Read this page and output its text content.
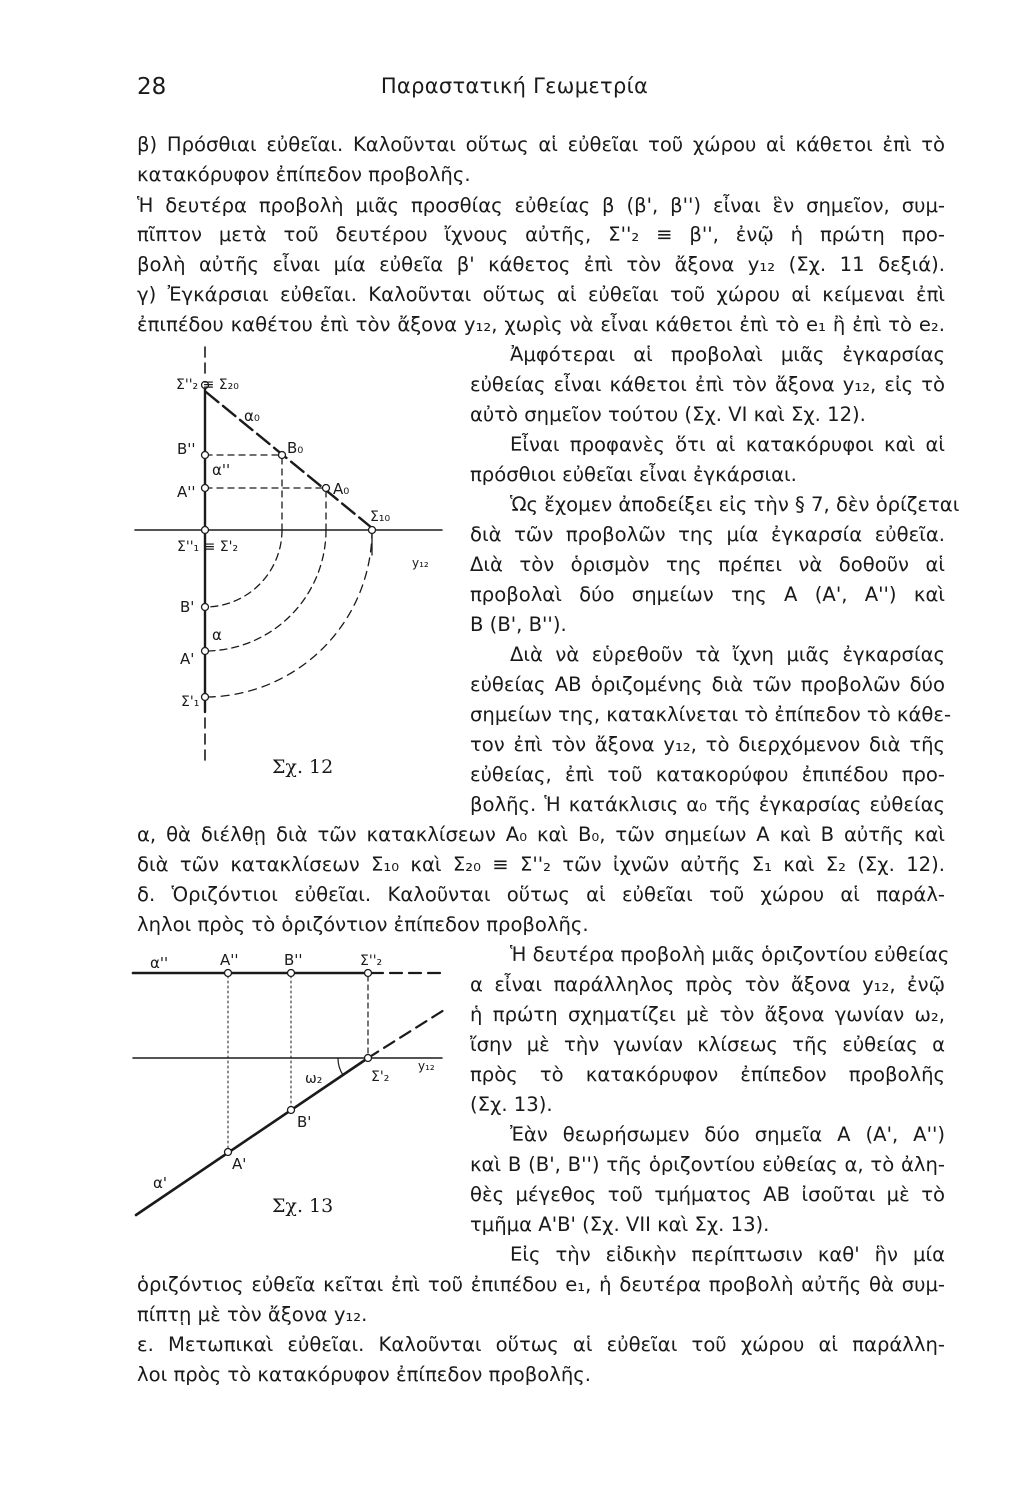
28	Παραστατική Γεωμετρία
β) Πρόσθιαι εὐθεῖαι. Καλοῦνται οὕτως αἱ εὐθεῖαι τοῦ χώρου αἱ κάθετοι ἐπὶ τὸ
κατακόρυφον ἐπίπεδον προβολῆς.
Ἡ δευτέρα προβολὴ μιᾶς προσθίας εὐθείας β (β', β'') εἶναι ἓν σημεῖον, συμ-
πῖπτον μετὰ τοῦ δευτέρου ἴχνους αὐτῆς, Σ''₂ ≡ β'', ἐνῷ ἡ πρώτη προ-
βολὴ αὐτῆς εἶναι μία εὐθεῖα β' κάθετος ἐπὶ τὸν ἄξονα y₁₂ (Σχ. 11 δεξιά).
γ) Ἐγκάρσιαι εὐθεῖαι. Καλοῦνται οὕτως αἱ εὐθεῖαι τοῦ χώρου αἱ κείμεναι ἐπὶ
ἐπιπέδου καθέτου ἐπὶ τὸν ἄξονα y₁₂, χωρὶς νὰ εἶναι κάθετοι ἐπὶ τὸ e₁ ἢ ἐπὶ τὸ e₂.
Ἀμφότεραι αἱ προβολαὶ μιᾶς ἐγκαρσίας
εὐθείας εἶναι κάθετοι ἐπὶ τὸν ἄξονα y₁₂, εἰς τὸ
αὐτὸ σημεῖον τούτου (Σχ. VI καὶ Σχ. 12).
Εἶναι προφανὲς ὅτι αἱ κατακόρυφοι καὶ αἱ
πρόσθιοι εὐθεῖαι εἶναι ἐγκάρσιαι.
Ὡς ἔχομεν ἀποδείξει εἰς τὴν § 7, δὲν ὁρίζεται
διὰ τῶν προβολῶν της μία ἐγκαρσία εὐθεῖα.
Διὰ τὸν ὁρισμὸν της πρέπει νὰ δοθοῦν αἱ
προβολαὶ δύο σημείων της A (A', A'') καὶ
B (B', B'').
Διὰ νὰ εὑρεθοῦν τὰ ἴχνη μιᾶς ἐγκαρσίας
εὐθείας AB ὁριζομένης διὰ τῶν προβολῶν δύο
σημείων της, κατακλίνεται τὸ ἐπίπεδον τὸ κάθε-
τον ἐπὶ τὸν ἄξονα y₁₂, τὸ διερχόμενον διὰ τῆς
εὐθείας, ἐπὶ τοῦ κατακορύφου ἐπιπέδου προ-
βολῆς. Ἡ κατάκλισις α₀ τῆς ἐγκαρσίας εὐθείας
α, θὰ διέλθῃ διὰ τῶν κατακλίσεων A₀ καὶ B₀, τῶν σημείων A καὶ B αὐτῆς καὶ
διὰ τῶν κατακλίσεων Σ₁₀ καὶ Σ₂₀ ≡ Σ''₂ τῶν ἰχνῶν αὐτῆς Σ₁ καὶ Σ₂ (Σχ. 12).
δ. Ὁριζόντιοι εὐθεῖαι. Καλοῦνται οὕτως αἱ εὐθεῖαι τοῦ χώρου αἱ παράλ-
ληλοι πρὸς τὸ ὁριζόντιον ἐπίπεδον προβολῆς.
Ἡ δευτέρα προβολὴ μιᾶς ὁριζοντίου εὐθείας
α εἶναι παράλληλος πρὸς τὸν ἄξονα y₁₂, ἐνῷ
ἡ πρώτη σχηματίζει μὲ τὸν ἄξονα γωνίαν ω₂,
ἴσην μὲ τὴν γωνίαν κλίσεως τῆς εὐθείας α
πρὸς τὸ κατακόρυφον ἐπίπεδον προβολῆς
(Σχ. 13).
Ἐὰν θεωρήσωμεν δύο σημεῖα A (A', A'')
καὶ B (B', B'') τῆς ὁριζοντίου εὐθείας α, τὸ ἀλη-
θὲς μέγεθος τοῦ τμήματος AB ἰσοῦται μὲ τὸ
τμῆμα A'B' (Σχ. VII καὶ Σχ. 13).
Εἰς τὴν εἰδικὴν περίπτωσιν καθ' ἣν μία
ὁριζόντιος εὐθεῖα κεῖται ἐπὶ τοῦ ἐπιπέδου e₁, ἡ δευτέρα προβολὴ αὐτῆς θὰ συμ-
πίπτῃ μὲ τὸν ἄξονα y₁₂.
ε. Μετωπικαὶ εὐθεῖαι. Καλοῦνται οὕτως αἱ εὐθεῖαι τοῦ χώρου αἱ παράλλη-
λοι πρὸς τὸ κατακόρυφον ἐπίπεδον προβολῆς.
Σ''₂ ≡ Σ₂₀
α₀
B''	B₀
α''
A''	A₀
Σ₁₀
Σ''₁ ≡ Σ'₂
y₁₂
B'
α
A'
Σ'₁
Σχ. 12
α''	A''	B''	Σ''₂
ω₂	Σ'₂
y₁₂
B'
A'
α'
Σχ. 13
